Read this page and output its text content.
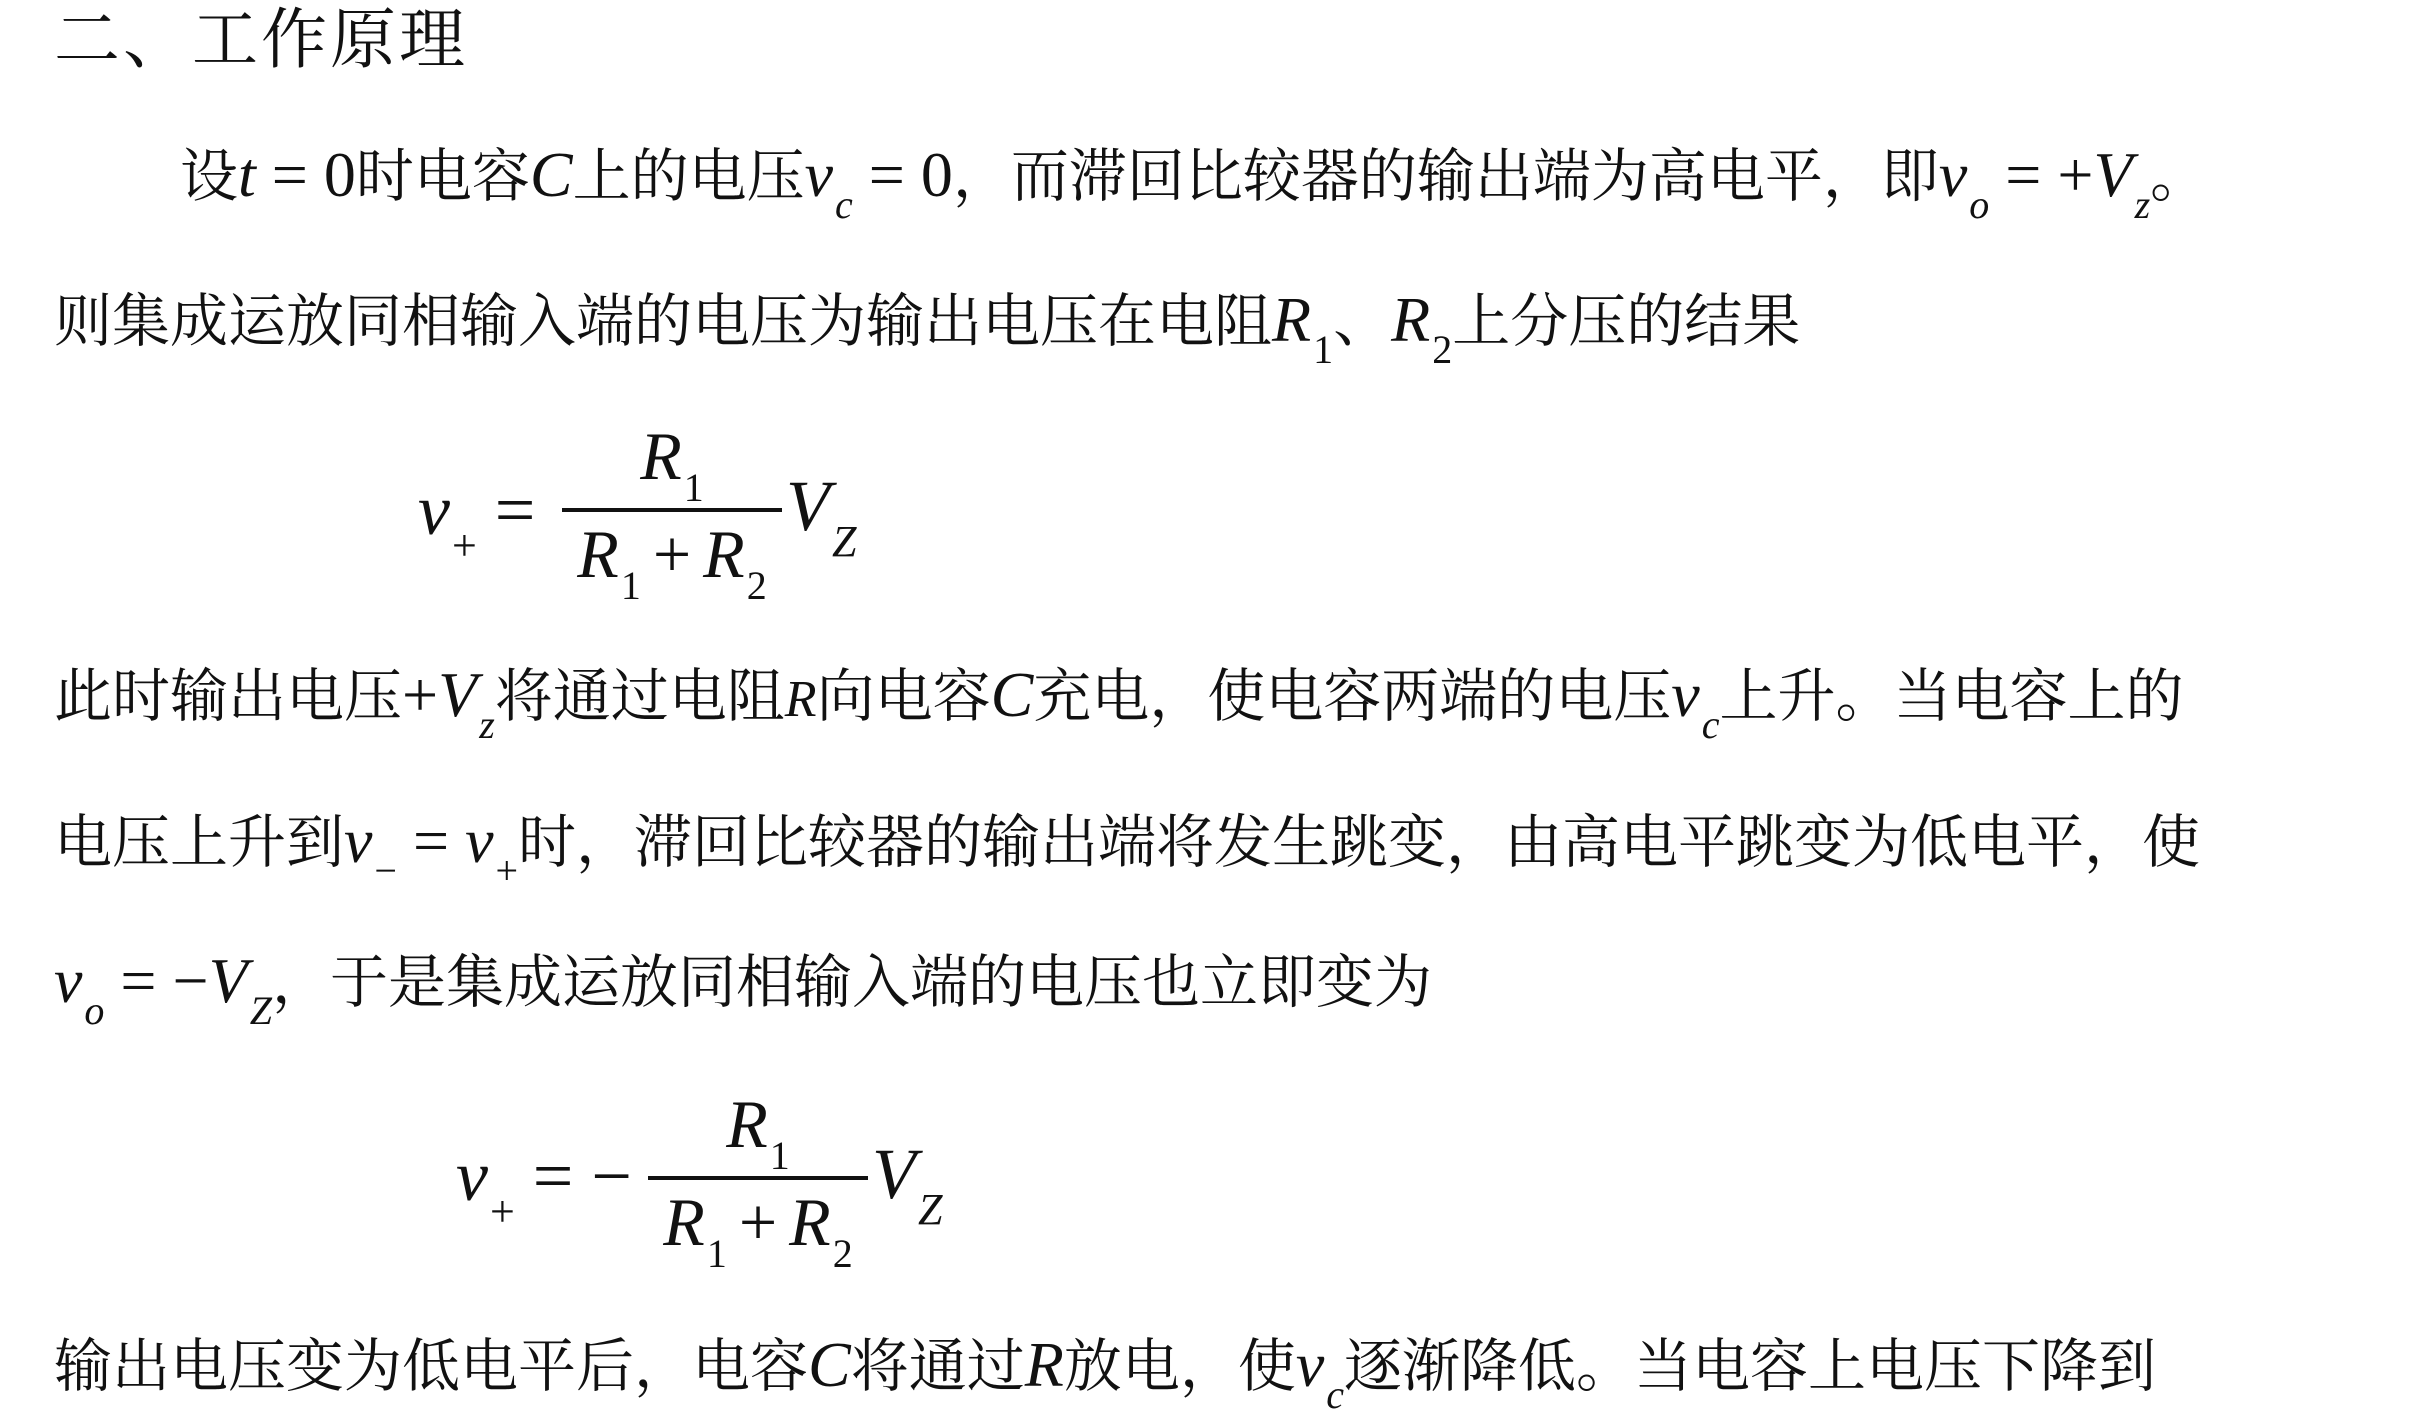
二、工作原理
设t = 0时电容C上的电压$v_c = 0$，而滞回比较器的输出端为高电平，即$v_o = +V_z$。
则集成运放同相输入端的电压为输出电压在电阻$R_1$、$R_2$上分压的结果
$v_+$ =
$R_1$
$R_1 + R_2$
$V_Z$
此时输出电压$+V_z$将通过电阻R向电容C充电，使电容两端的电压$v_c$上升。当电容上的
电压上升到$v_- = v_+$时，滞回比较器的输出端将发生跳变，由高电平跳变为低电平，使
$v_o = -V_Z$，于是集成运放同相输入端的电压也立即变为
$v_+$ = −
$R_1$
$R_1 + R_2$
$V_Z$
输出电压变为低电平后，电容C将通过R放电，使$v_c$逐渐降低。当电容上电压下降到
